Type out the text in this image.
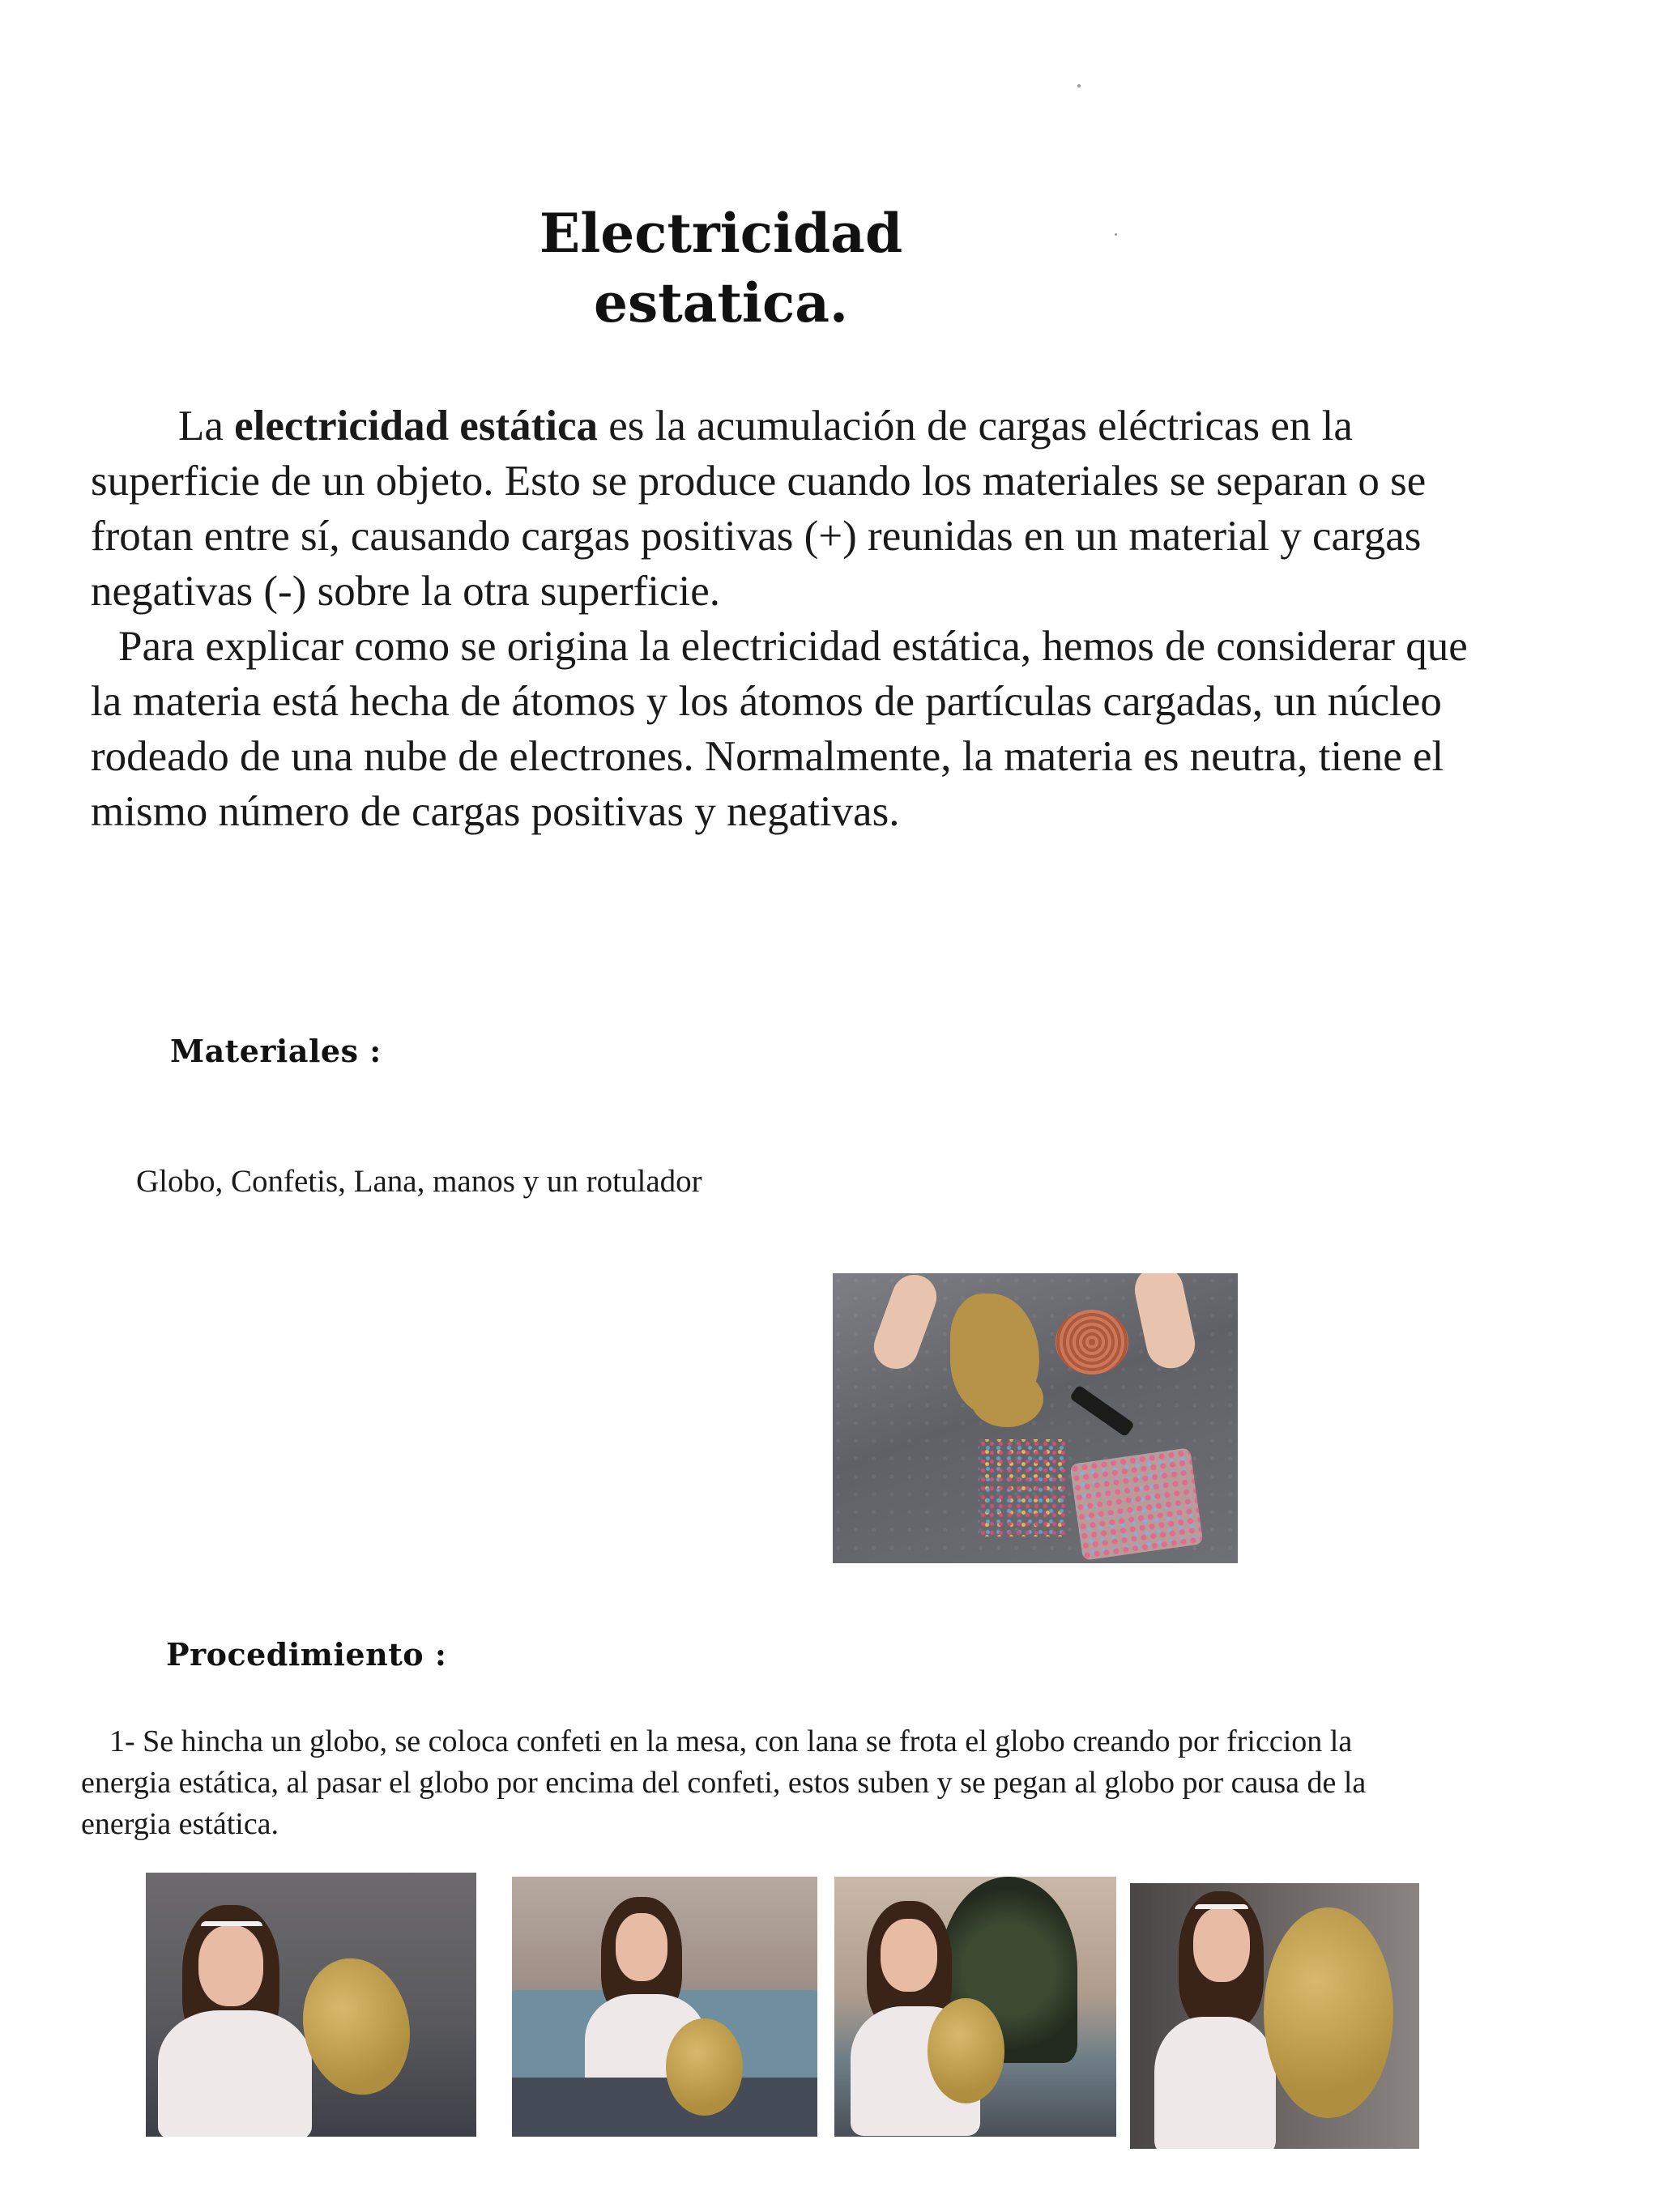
Electricidad
estatica.

La electricidad estática es la acumulación de cargas eléctricas en la superficie de un objeto. Esto se produce cuando los materiales se separan o se frotan entre sí, causando cargas positivas (+) reunidas en un material y cargas negativas (-) sobre la otra superficie.

Para explicar como se origina la electricidad estática, hemos de considerar que la materia está hecha de átomos y los átomos de partículas cargadas, un núcleo rodeado de una nube de electrones. Normalmente, la materia es neutra, tiene el mismo número de cargas positivas y negativas.

Materiales :
Globo, Confetis, Lana, manos y un rotulador
Procedimiento :

1- Se hincha un globo, se coloca confeti en la mesa, con lana se frota el globo creando por friccion la energia estática, al pasar el globo por encima del confeti, estos suben y se pegan al globo por causa de la energia estática.
